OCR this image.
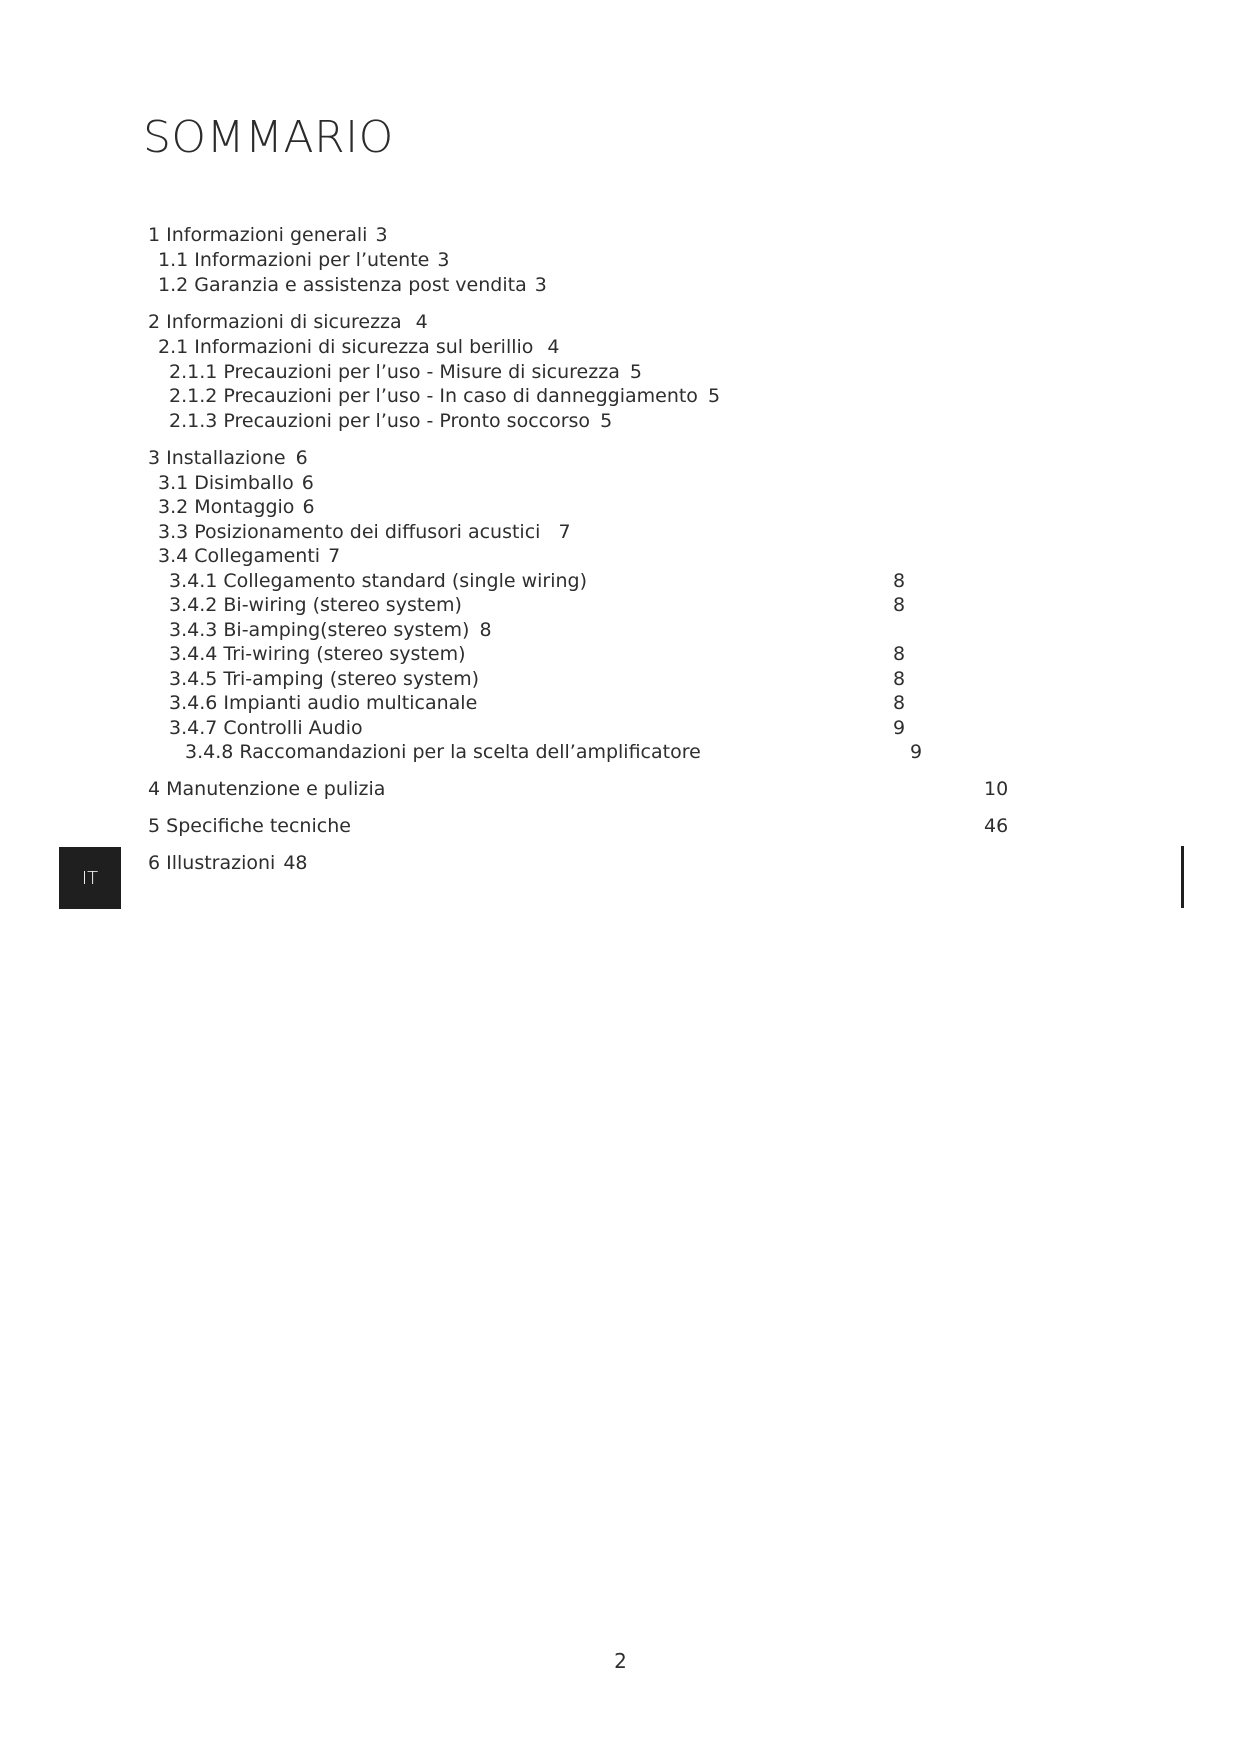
SOMMARIO
1 Informazioni generali 3
1.1 Informazioni per l’utente 3
1.2 Garanzia e assistenza post vendita 3
2 Informazioni di sicurezza 4
2.1 Informazioni di sicurezza sul berillio 4
2.1.1 Precauzioni per l’uso - Misure di sicurezza 5
2.1.2 Precauzioni per l’uso - In caso di danneggiamento 5
2.1.3 Precauzioni per l’uso - Pronto soccorso 5
3 Installazione 6
3.1 Disimballo 6
3.2 Montaggio 6
3.3 Posizionamento dei diffusori acustici 7
3.4 Collegamenti 7
3.4.1 Collegamento standard (single wiring)	8
3.4.2 Bi-wiring (stereo system)	8
3.4.3 Bi-amping(stereo system) 8
3.4.4 Tri-wiring (stereo system)	8
3.4.5 Tri-amping (stereo system)	8
3.4.6 Impianti audio multicanale	8
3.4.7 Controlli Audio	9
3.4.8 Raccomandazioni per la scelta dell’amplificatore	9
4 Manutenzione e pulizia	10
5 Specifiche tecniche	46
6 Illustrazioni 48
IT
2
